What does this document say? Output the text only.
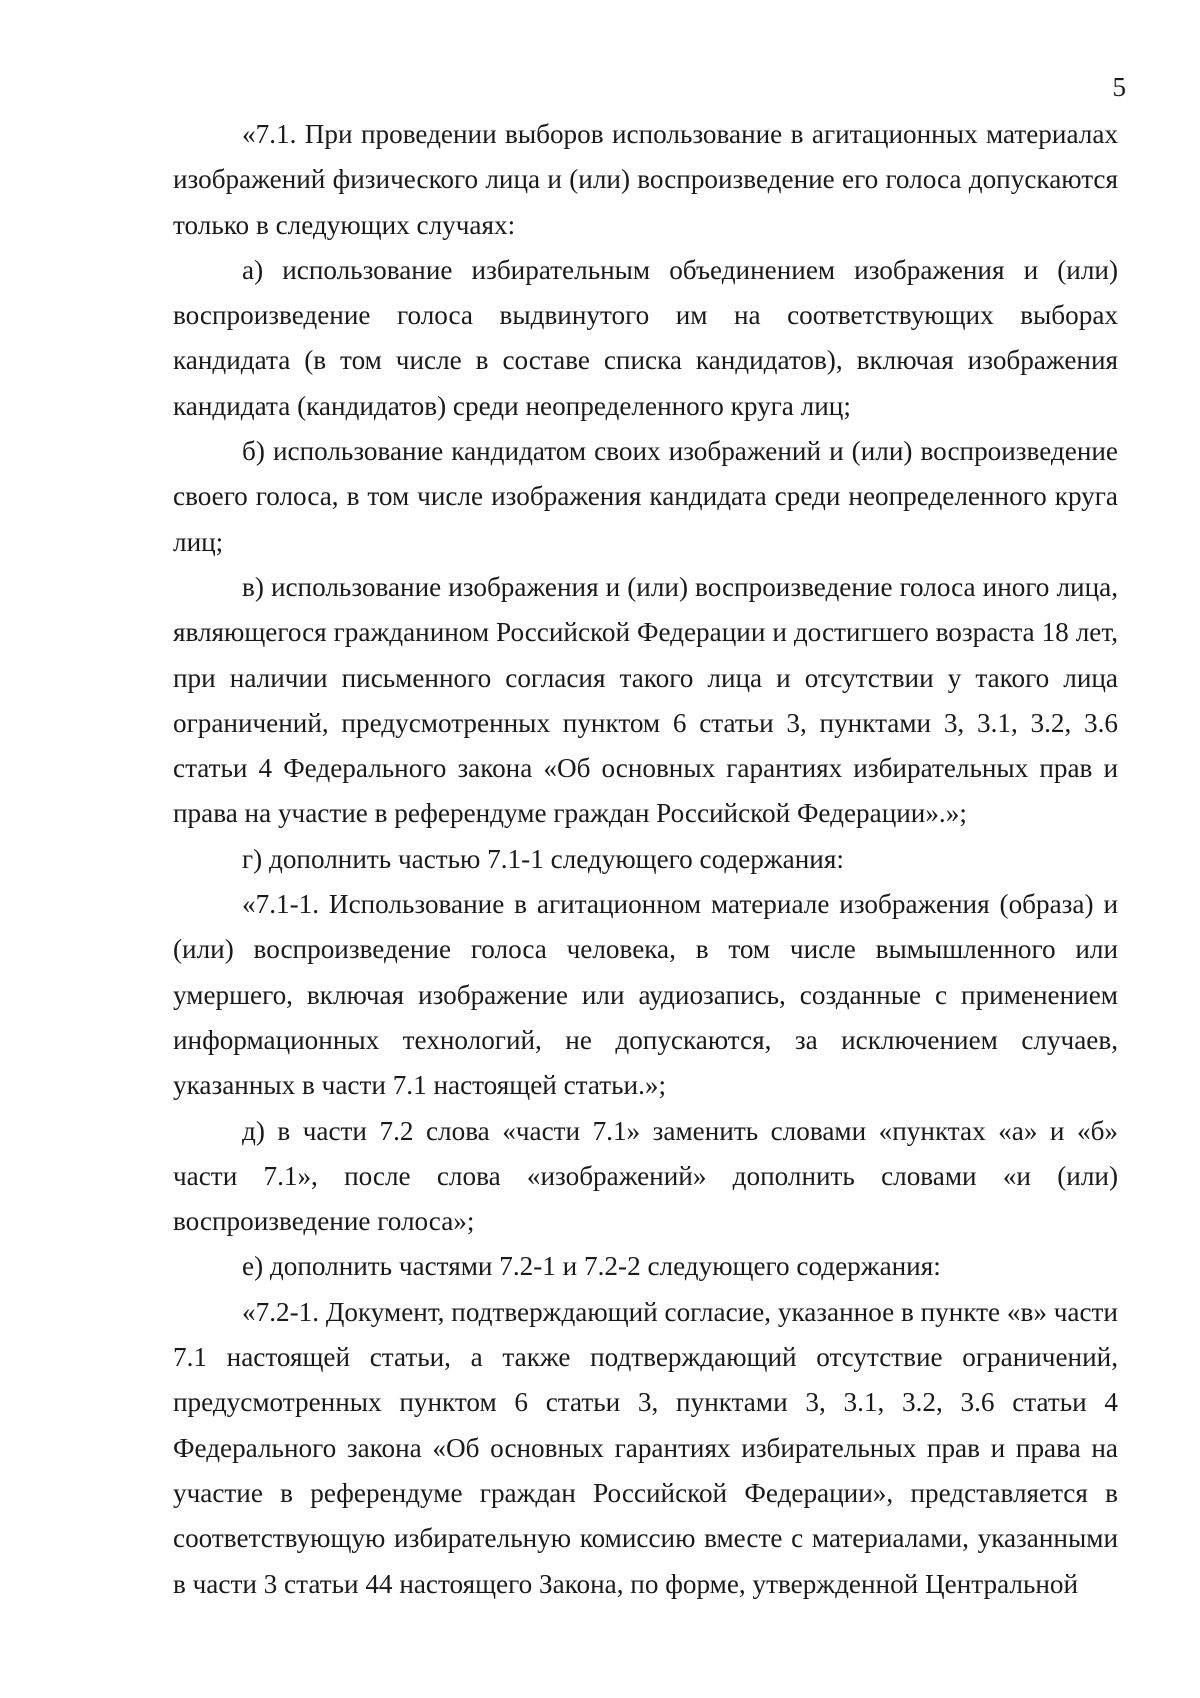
5

«7.1. При проведении выборов использование в агитационных материалах изображений физического лица и (или) воспроизведение его голоса допускаются только в следующих случаях:

а) использование избирательным объединением изображения и (или) воспроизведение голоса выдвинутого им на соответствующих выборах кандидата (в том числе в составе списка кандидатов), включая изображения кандидата (кандидатов) среди неопределенного круга лиц;

б) использование кандидатом своих изображений и (или) воспроизведение своего голоса, в том числе изображения кандидата среди неопределенного круга лиц;

в) использование изображения и (или) воспроизведение голоса иного лица, являющегося гражданином Российской Федерации и достигшего возраста 18 лет, при наличии письменного согласия такого лица и отсутствии у такого лица ограничений, предусмотренных пунктом 6 статьи 3, пунктами 3, 3.1, 3.2, 3.6 статьи 4 Федерального закона «Об основных гарантиях избирательных прав и права на участие в референдуме граждан Российской Федерации».»;

г) дополнить частью 7.1-1 следующего содержания:

«7.1-1. Использование в агитационном материале изображения (образа) и (или) воспроизведение голоса человека, в том числе вымышленного или умершего, включая изображение или аудиозапись, созданные с применением информационных технологий, не допускаются, за исключением случаев, указанных в части 7.1 настоящей статьи.»;

д) в части 7.2 слова «части 7.1» заменить словами «пунктах «а» и «б» части 7.1», после слова «изображений» дополнить словами «и (или) воспроизведение голоса»;

е) дополнить частями 7.2-1 и 7.2-2 следующего содержания:

«7.2-1. Документ, подтверждающий согласие, указанное в пункте «в» части 7.1 настоящей статьи, а также подтверждающий отсутствие ограничений, предусмотренных пунктом 6 статьи 3, пунктами 3, 3.1, 3.2, 3.6 статьи 4 Федерального закона «Об основных гарантиях избирательных прав и права на участие в референдуме граждан Российской Федерации», представляется в соответствующую избирательную комиссию вместе с материалами, указанными в части 3 статьи 44 настоящего Закона, по форме, утвержденной Центральной
